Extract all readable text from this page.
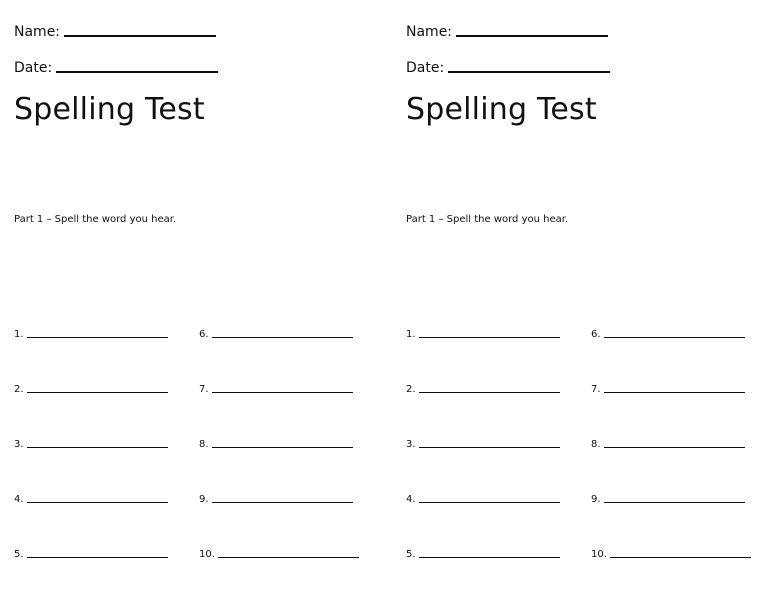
Name:
Date:
Spelling Test
Part 1 – Spell the word you hear.
1.
2.
3.
4.
5.
6.
7.
8.
9.
10.
Name:
Date:
Spelling Test
Part 1 – Spell the word you hear.
1.
2.
3.
4.
5.
6.
7.
8.
9.
10.
